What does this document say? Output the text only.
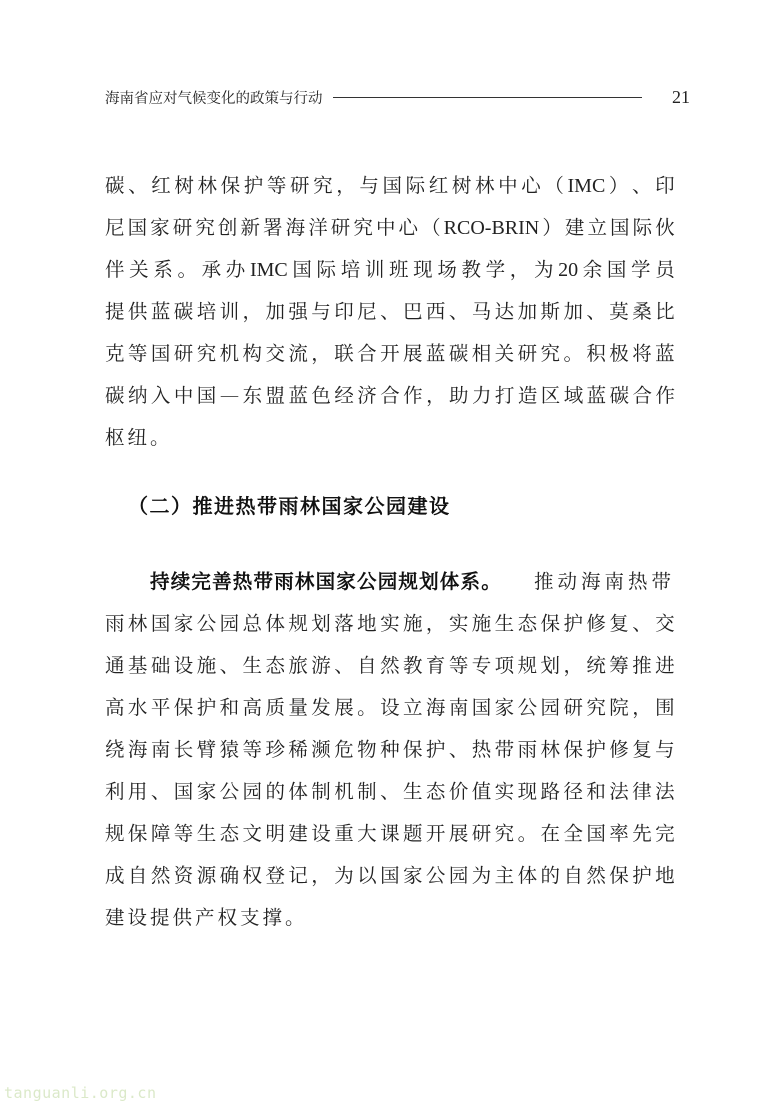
海南省应对气候变化的政策与行动	21
碳 、 红 树 林 保 护 等 研 究 ， 与 国 际 红 树 林 中 心 （ IMC ） 、 印
尼 国 家 研 究 创 新 署 海 洋 研 究 中 心 （ RCO-BRIN ） 建 立 国 际 伙
伴 关 系 。 承 办 IMC 国 际 培 训 班 现 场 教 学 ， 为 20 余 国 学 员
提 供 蓝 碳 培 训 ， 加 强 与 印 尼 、 巴 西 、 马 达 加 斯 加 、 莫 桑 比
克 等 国 研 究 机 构 交 流 ， 联 合 开 展 蓝 碳 相 关 研 究 。 积 极 将 蓝
碳 纳 入 中 国 — 东 盟 蓝 色 经 济 合 作 ， 助 力 打 造 区 域 蓝 碳 合 作
枢纽。
（二）推进热带雨林国家公园建设
持续完善热带雨林国家公园规划体系。 推动海南热带
雨 林 国 家 公 园 总 体 规 划 落 地 实 施 ， 实 施 生 态 保 护 修 复 、 交
通 基 础 设 施 、 生 态 旅 游 、 自 然 教 育 等 专 项 规 划 ， 统 筹 推 进
高 水 平 保 护 和 高 质 量 发 展 。 设 立 海 南 国 家 公 园 研 究 院 ， 围
绕 海 南 长 臂 猿 等 珍 稀 濒 危 物 种 保 护 、 热 带 雨 林 保 护 修 复 与
利 用 、 国 家 公 园 的 体 制 机 制 、 生 态 价 值 实 现 路 径 和 法 律 法
规 保 障 等 生 态 文 明 建 设 重 大 课 题 开 展 研 究 。 在 全 国 率 先 完
成 自 然 资 源 确 权 登 记 ， 为 以 国 家 公 园 为 主 体 的 自 然 保 护 地
建设提供产权支撑。
tanguanli.org.cn
